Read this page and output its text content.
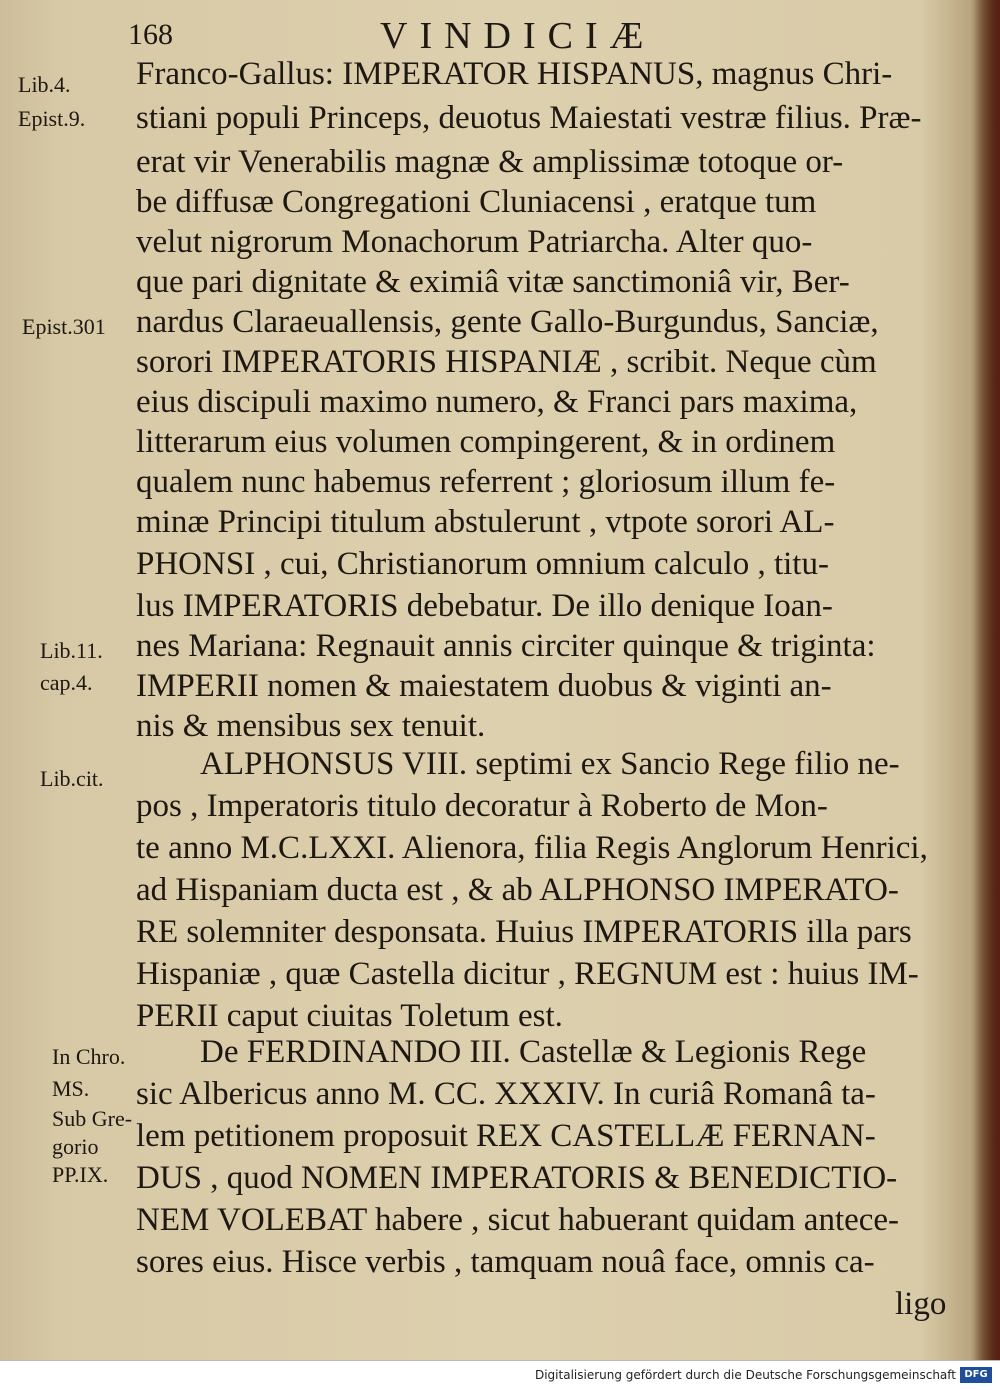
168	VINDICIÆ
Lib.4.
Epist.9.
Epist.301
Lib.11.
cap.4.
Lib.cit.
In Chro.
MS.
Sub Gre-
gorio
PP.IX.
Franco-Gallus: IMPERATOR HISPANUS, magnus Chri-
stiani populi Princeps, deuotus Maiestati vestræ filius. Præ-
erat vir Venerabilis magnæ & amplissimæ totoque or-
be diffusæ Congregationi Cluniacensi , eratque tum
velut nigrorum Monachorum Patriarcha. Alter quo-
que pari dignitate & eximiâ vitæ sanctimoniâ vir, Ber-
nardus Claraeuallensis, gente Gallo-Burgundus, Sanciæ,
sorori IMPERATORIS HISPANIÆ , scribit. Neque cùm
eius discipuli maximo numero, & Franci pars maxima,
litterarum eius volumen compingerent, & in ordinem
qualem nunc habemus referrent ; gloriosum illum fe-
minæ Principi titulum abstulerunt , vtpote sorori AL-
PHONSI , cui, Christianorum omnium calculo , titu-
lus IMPERATORIS debebatur. De illo denique Ioan-
nes Mariana: Regnauit annis circiter quinque & triginta:
IMPERII nomen & maiestatem duobus & viginti an-
nis & mensibus sex tenuit.
ALPHONSUS VIII. septimi ex Sancio Rege filio ne-
pos , Imperatoris titulo decoratur à Roberto de Mon-
te anno M.C.LXXI. Alienora, filia Regis Anglorum Henrici,
ad Hispaniam ducta est , & ab ALPHONSO IMPERATO-
RE solemniter desponsata. Huius IMPERATORIS illa pars
Hispaniæ , quæ Castella dicitur , REGNUM est : huius IM-
PERII caput ciuitas Toletum est.
De FERDINANDO III. Castellæ & Legionis Rege
sic Albericus anno M. CC. XXXIV. In curiâ Romanâ ta-
lem petitionem proposuit REX CASTELLÆ FERNAN-
DUS , quod NOMEN IMPERATORIS & BENEDICTIO-
NEM VOLEBAT habere , sicut habuerant quidam antece-
sores eius. Hisce verbis , tamquam nouâ face, omnis ca-
ligo
Digitalisierung gefördert durch die Deutsche Forschungsgemeinschaft DFG
